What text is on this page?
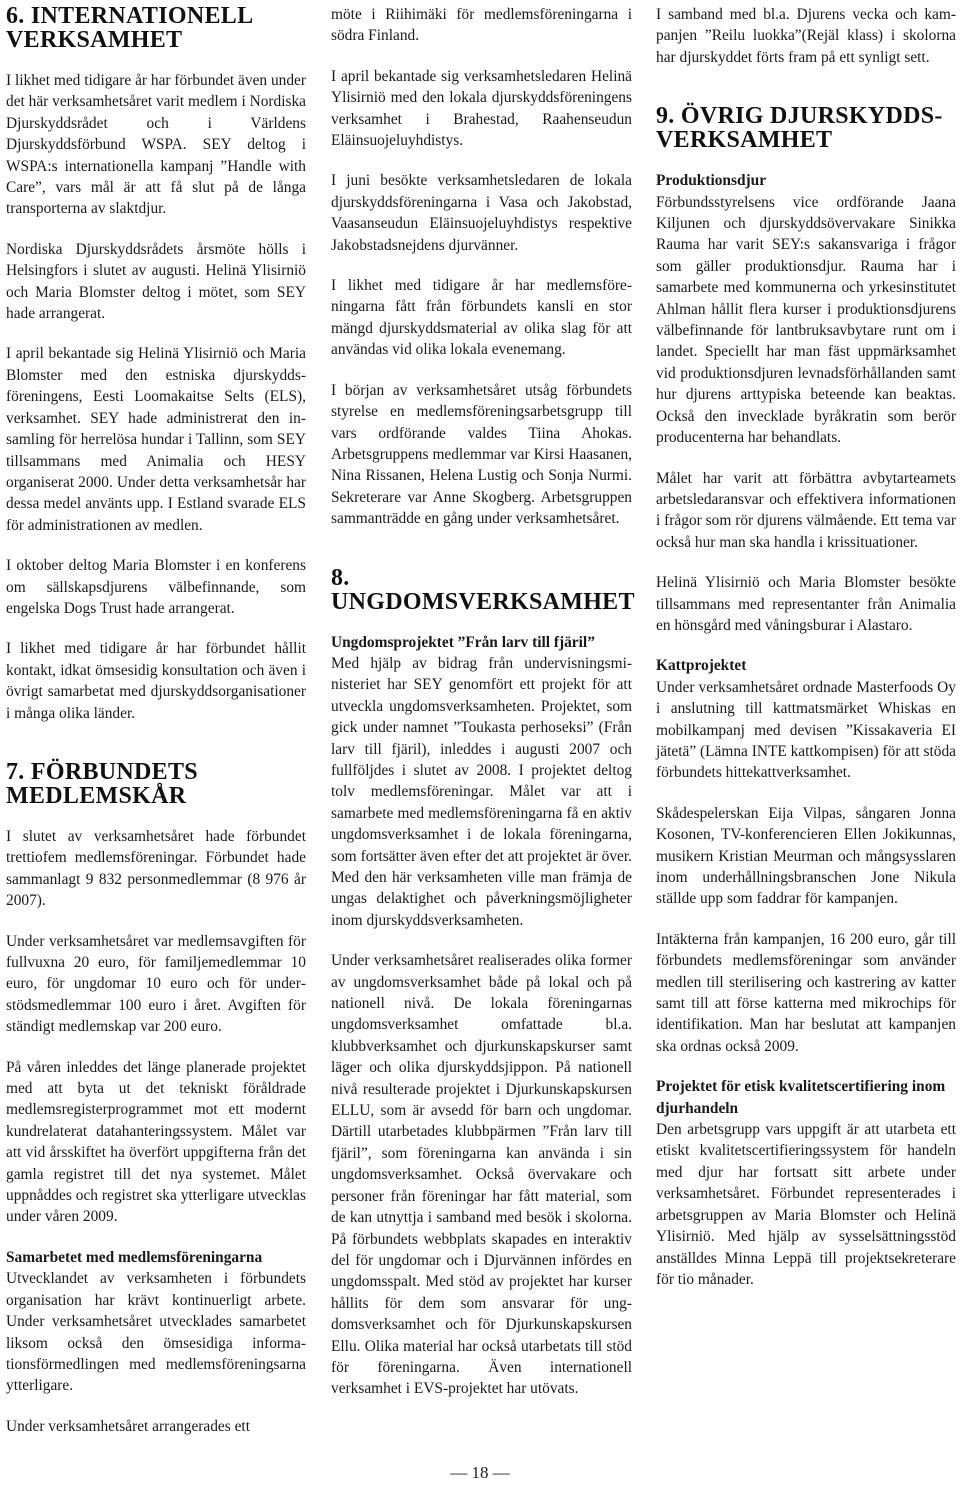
6. INTERNATIONELL VERKSAMHET

I likhet med tidigare år har förbundet även under det här verksamhetsåret varit medlem i Nordiska Djurskyddsrådet och i Världens Djurskyddsförbund WSPA. SEY deltog i WSPA:s internationella kampanj ”Handle with Care”, vars mål är att få slut på de långa transporterna av slaktdjur.

Nordiska Djurskyddsrådets årsmöte hölls i Helsingfors i slutet av augusti. Helinä Ylisirniö och Maria Blomster deltog i mötet, som SEY hade arrangerat.

I april bekantade sig Helinä Ylisirniö och Maria Blomster med den estniska djurskyddsföreningens, Eesti Loomakaitse Selts (ELS), verksamhet. SEY hade administrerat den insamling för herrelösa hundar i Tallinn, som SEY tillsammans med Animalia och HESY organiserat 2000. Under detta verksamhetsår har dessa medel använts upp. I Estland svarade ELS för administrationen av medlen.

I oktober deltog Maria Blomster i en konferens om sällskapsdjurens välbefinnande, som engelska Dogs Trust hade arrangerat.

I likhet med tidigare år har förbundet hållit kontakt, idkat ömsesidig konsultation och även i övrigt samarbetat med djurskyddsorganisationer i många olika länder.

7. FÖRBUNDETS MEDLEMSKÅR

I slutet av verksamhetsåret hade förbundet trettiofem medlemsföreningar. Förbundet hade sammanlagt 9 832 personmedlemmar (8 976 år 2007).

Under verksamhetsåret var medlemsavgiften för fullvuxna 20 euro, för familjemedlemmar 10 euro, för ungdomar 10 euro och för understödsmedlemmar 100 euro i året. Avgiften för ständigt medlemskap var 200 euro.

På våren inleddes det länge planerade projektet med att byta ut det tekniskt föråldrade medlemsregisterprogrammet mot ett modernt kundrelaterat datahanteringssystem. Målet var att vid årsskiftet ha överfört uppgifterna från det gamla registret till det nya systemet. Målet uppnåddes och registret ska ytterligare utvecklas under våren 2009.

Samarbetet med medlemsföreningarna

Utvecklandet av verksamheten i förbundets organisation har krävt kontinuerligt arbete. Under verksamhetsåret utvecklades samarbetet liksom också den ömsesidiga informationsförmedlingen med medlemsföreningsarna ytterligare.

Under verksamhetsåret arrangerades ett

möte i Riihimäki för medlemsföreningarna i södra Finland.

I april bekantade sig verksamhetsledaren Helinä Ylisirniö med den lokala djurskyddsföreningens verksamhet i Brahestad, Raahenseudun Eläinsuojeluyhdistys.

I juni besökte verksamhetsledaren de lokala djurskyddsföreningarna i Vasa och Jakobstad, Vaasanseudun Eläinsuojeluyhdistys respektive Jakobstadsnejdens djurvänner.

I likhet med tidigare år har medlemsföreningarna fått från förbundets kansli en stor mängd djurskyddsmaterial av olika slag för att användas vid olika lokala evenemang.

I början av verksamhetsåret utsåg förbundets styrelse en medlemsföreningsarbetsgrupp till vars ordförande valdes Tiina Ahokas. Arbetsgruppens medlemmar var Kirsi Haasanen, Nina Rissanen, Helena Lustig och Sonja Nurmi. Sekreterare var Anne Skogberg. Arbetsgruppen sammanträdde en gång under verksamhetsåret.

8. UNGDOMSVERKSAMHET
Ungdomsprojektet ”Från larv till fjäril”

Med hjälp av bidrag från undervisningsministeriet har SEY genomfört ett projekt för att utveckla ungdomsverksamheten. Projektet, som gick under namnet ”Toukasta perhoseksi” (Från larv till fjäril), inleddes i augusti 2007 och fullföljdes i slutet av 2008. I projektet deltog tolv medlemsföreningar. Målet var att i samarbete med medlemsföreningarna få en aktiv ungdomsverksamhet i de lokala föreningarna, som fortsätter även efter det att projektet är över. Med den här verksamheten ville man främja de ungas delaktighet och påverkningsmöjligheter inom djurskyddsverksamheten.

Under verksamhetsåret realiserades olika former av ungdomsverksamhet både på lokal och på nationell nivå. De lokala föreningarnas ungdomsverksamhet omfattade bl.a. klubbverksamhet och djurkunskapskurser samt läger och olika djurskyddsjippon. På nationell nivå resulterade projektet i Djurkunskapskursen ELLU, som är avsedd för barn och ungdomar. Därtill utarbetades klubbpärmen ”Från larv till fjäril”, som föreningarna kan använda i sin ungdomsverksamhet. Också övervakare och personer från föreningar har fått material, som de kan utnyttja i samband med besök i skolorna. På förbundets webbplats skapades en interaktiv del för ungdomar och i Djurvännen infördes en ungdomsspalt. Med stöd av projektet har kurser hållits för dem som ansvarar för ungdomsverksamhet och för Djurkunskapskursen Ellu. Olika material har också utarbetats till stöd för föreningarna. Även internationell verksamhet i EVS-projektet har utövats.

I samband med bl.a. Djurens vecka och kampanjen ”Reilu luokka”(Rejäl klass) i skolorna har djurskyddet förts fram på ett synligt sett.

9. ÖVRIG DJURSKYDDSVERKSAMHET
Produktionsdjur

Förbundsstyrelsens vice ordförande Jaana Kiljunen och djurskyddsövervakare Sinikka Rauma har varit SEY:s sakansvariga i frågor som gäller produktionsdjur. Rauma har i samarbete med kommunerna och yrkesinstitutet Ahlman hållit flera kurser i produktionsdjurens välbefinnande för lantbruksavbytare runt om i landet. Speciellt har man fäst uppmärksamhet vid produktionsdjuren levnadsförhållanden samt hur djurens arttypiska beteende kan beaktas. Också den invecklade byråkratin som berör producenterna har behandlats.

Målet har varit att förbättra avbytarteamets arbetsledaransvar och effektivera informationen i frågor som rör djurens välmående. Ett tema var också hur man ska handla i krissituationer.

Helinä Ylisirniö och Maria Blomster besökte tillsammans med representanter från Animalia en hönsgård med våningsburar i Alastaro.

Kattprojektet

Under verksamhetsåret ordnade Masterfoods Oy i anslutning till kattmatsmärket Whiskas en mobilkampanj med devisen ”Kissakaveria EI jätetä” (Lämna INTE kattkompisen) för att stöda förbundets hittekattverksamhet.

Skådespelerskan Eija Vilpas, sångaren Jonna Kosonen, TV-konferencieren Ellen Jokikunnas, musikern Kristian Meurman och mångsysslaren inom underhållningsbranschen Jone Nikula ställde upp som faddrar för kampanjen.

Intäkterna från kampanjen, 16 200 euro, går till förbundets medlemsföreningar som använder medlen till sterilisering och kastrering av katter samt till att förse katterna med mikrochips för identifikation. Man har beslutat att kampanjen ska ordnas också 2009.

Projektet för etisk kvalitetscertifiering inom djurhandeln

Den arbetsgrupp vars uppgift är att utarbeta ett etiskt kvalitetscertifieringssystem för handeln med djur har fortsatt sitt arbete under verksamhetsåret. Förbundet representerades i arbetsgruppen av Maria Blomster och Helinä Ylisirniö. Med hjälp av sysselsättningsstöd anställdes Minna Leppä till projektsekreterare för tio månader.

— 18 —
